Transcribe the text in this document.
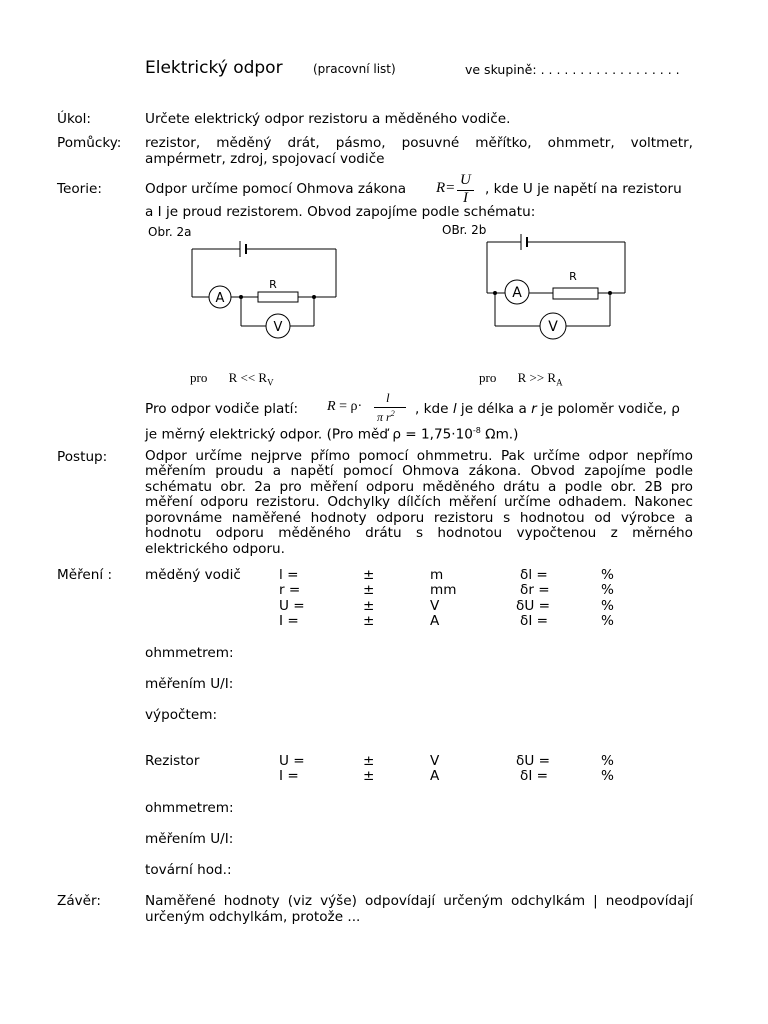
Elektrický odpor	(pracovní list)	ve skupině: . . . . . . . . . . . . . . . . . .
Úkol:	Určete elektrický odpor rezistoru a měděného vodiče.
Pomůcky: rezistor, měděný drát, pásmo, posuvné měřítko, ohmmetr, voltmetr,
ampérmetr, zdroj, spojovací vodiče
Teorie:	Odpor určíme pomocí Ohmova zákona R= U
I
, kde U je napětí na rezistoru
a I je proud rezistorem. Obvod zapojíme podle schématu:
Obr. 2a
A
V
R
A
V
R
OBr. 2b
pro $R << R_V$	pro $R >> R_A$
Pro odpor vodiče platí: R = ρ·
l
π $r^2$ , kde l je délka a r je poloměr vodiče, ρ
je měrný elektrický odpor. (Pro měď $\rho = 1,75\cdot 10^{-8}$ Ωm.)
Postup:	Odpor určíme nejprve přímo pomocí ohmmetru. Pak určíme odpor nepřímo
měřením proudu a napětí pomocí Ohmova zákona. Obvod zapojíme podle
schématu obr. 2a pro měření odporu měděného drátu a podle obr. 2B pro
měření odporu rezistoru. Odchylky dílčích měření určíme odhadem. Nakonec
porovnáme naměřené hodnoty odporu rezistoru s hodnotou od výrobce a
hodnotu odporu měděného drátu s hodnotou vypočtenou z měrného
elektrického odporu.
Měření : měděný vodič	l =	±	m	δl =	%
r =	±	mm	δr =	%
U =	±	V	δU =	%
I =	±	A	δI =	%
ohmmetrem:
měřením U/I:
výpočtem:
Rezistor	U =	±	V	δU =	%
I =	±	A	δI =	%
ohmmetrem:
měřením U/I:
tovární hod.:
Závěr:	Naměřené hodnoty (viz výše) odpovídají určeným odchylkám | neodpovídají
určeným odchylkám, protože ...
